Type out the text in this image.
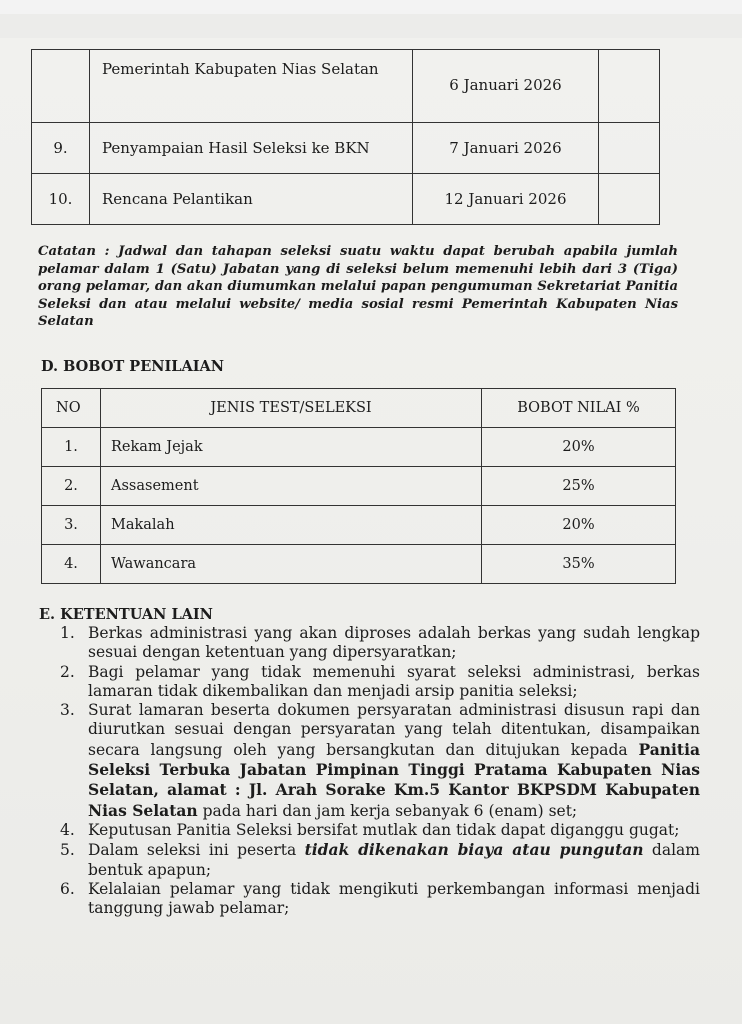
	Pemerintah Kabupaten Nias Selatan	6 Januari 2026	
9.	Penyampaian Hasil Seleksi ke BKN	7 Januari 2026	
10.	Rencana Pelantikan	12 Januari 2026	
Catatan : Jadwal dan tahapan seleksi suatu waktu dapat berubah apabila jumlah pelamar dalam 1 (Satu) Jabatan yang di seleksi belum memenuhi lebih dari 3 (Tiga) orang pelamar, dan akan diumumkan melalui papan pengumuman Sekretariat Panitia Seleksi dan atau melalui website/ media sosial resmi Pemerintah Kabupaten Nias Selatan
D. BOBOT PENILAIAN
NO	JENIS TEST/SELEKSI	BOBOT NILAI %
1.	Rekam Jejak	20%
2.	Assasement	25%
3.	Makalah	20%
4.	Wawancara	35%
E. KETENTUAN LAIN
1. Berkas administrasi yang akan diproses adalah berkas yang sudah lengkap sesuai dengan ketentuan yang dipersyaratkan;
2. Bagi pelamar yang tidak memenuhi syarat seleksi administrasi, berkas lamaran tidak dikembalikan dan menjadi arsip panitia seleksi;
3. Surat lamaran beserta dokumen persyaratan administrasi disusun rapi dan diurutkan sesuai dengan persyaratan yang telah ditentukan, disampaikan secara langsung oleh yang bersangkutan dan ditujukan kepada Panitia Seleksi Terbuka Jabatan Pimpinan Tinggi Pratama Kabupaten Nias Selatan, alamat : Jl. Arah Sorake Km.5 Kantor BKPSDM Kabupaten Nias Selatan pada hari dan jam kerja sebanyak 6 (enam) set;
4. Keputusan Panitia Seleksi bersifat mutlak dan tidak dapat diganggu gugat;
5. Dalam seleksi ini peserta tidak dikenakan biaya atau pungutan dalam bentuk apapun;
6. Kelalaian pelamar yang tidak mengikuti perkembangan informasi menjadi tanggung jawab pelamar;
